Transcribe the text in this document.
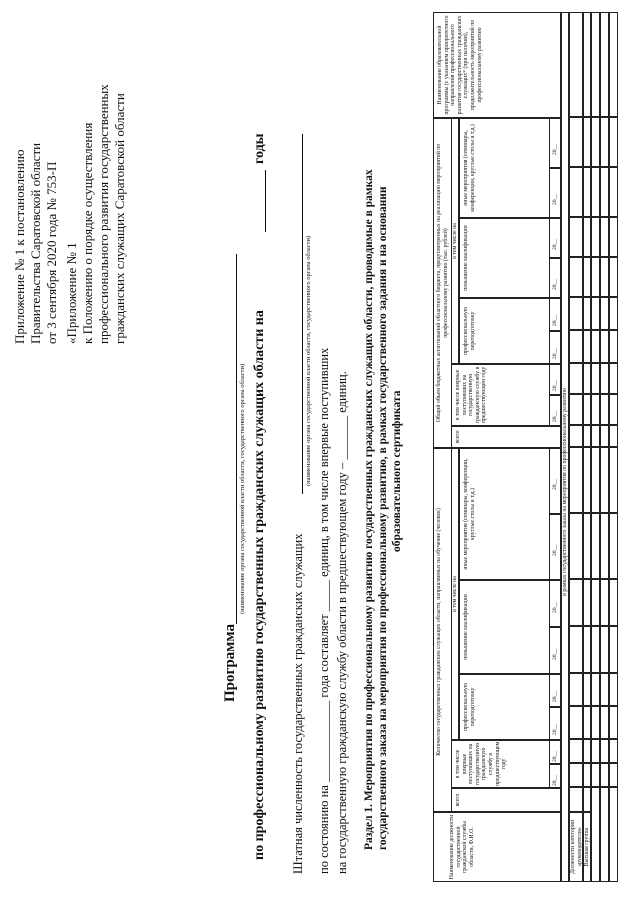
Приложение № 1 к постановлению Правительства Саратовской области от 3 сентября 2020 года № 753-П «Приложение № 1 к Положению о порядке осуществления профессионального развития государственных гражданских служащих Саратовской области
Программа
(наименование органа государственной власти области, государственного органа области) по профессиональному развитию государственных гражданских служащих области на
годы
Штатная численность государственных гражданских служащих
(наименование органа государственной власти области, государственного органа области) по состоянию на _____________ года составляет _____ единиц, в том числе впервые поступивших на государственную гражданскую службу области в предшествующем году – _______ единиц. Раздел 1. Мероприятия по профессиональному развитию государственных гражданских служащих области, проводимые в рамках государственного заказа на мероприятия по профессиональному развитию, в рамках государственного задания и на основании образовательного сертификата
Наименование должности государственной гражданской службы области, Ф.И.О.
Количество государственных гражданских служащих области, направляемых на обучение (человек)
всего
в том числе впервые поступивших на государственную гражданскую службу в предшествующем году
в том числе на
профессиональную переподготовку
повышение квалификации
иные мероприятия (семинары, конференции, круглые столы и т.д.)
Общий объем бюджетных ассигнований областного бюджета, предусмотренных на реализацию мероприятий по профессиональному развитию (тыс. рублей)
всего
в том числе впервые поступивших на государственную гражданскую службу в предшествующем году
в том числе на
профессиональную переподготовку
повышение квалификации
иные мероприятия (семинары, конференции, круглые столы и т.д.)
Наименование образовательной программы (с указанием приоритетного направления профессионального развития государственных гражданских служащих* (при наличии), продолжительность мероприятий по профессиональному развитию
20__
20__
20__
20__
20__
20__
20__
20__
20__
20__
20__
20__
20__
20__
20__
20__
в рамках государственного заказа на мероприятия по профессиональному развитию
Должности категории «руководители» Высшая группа
